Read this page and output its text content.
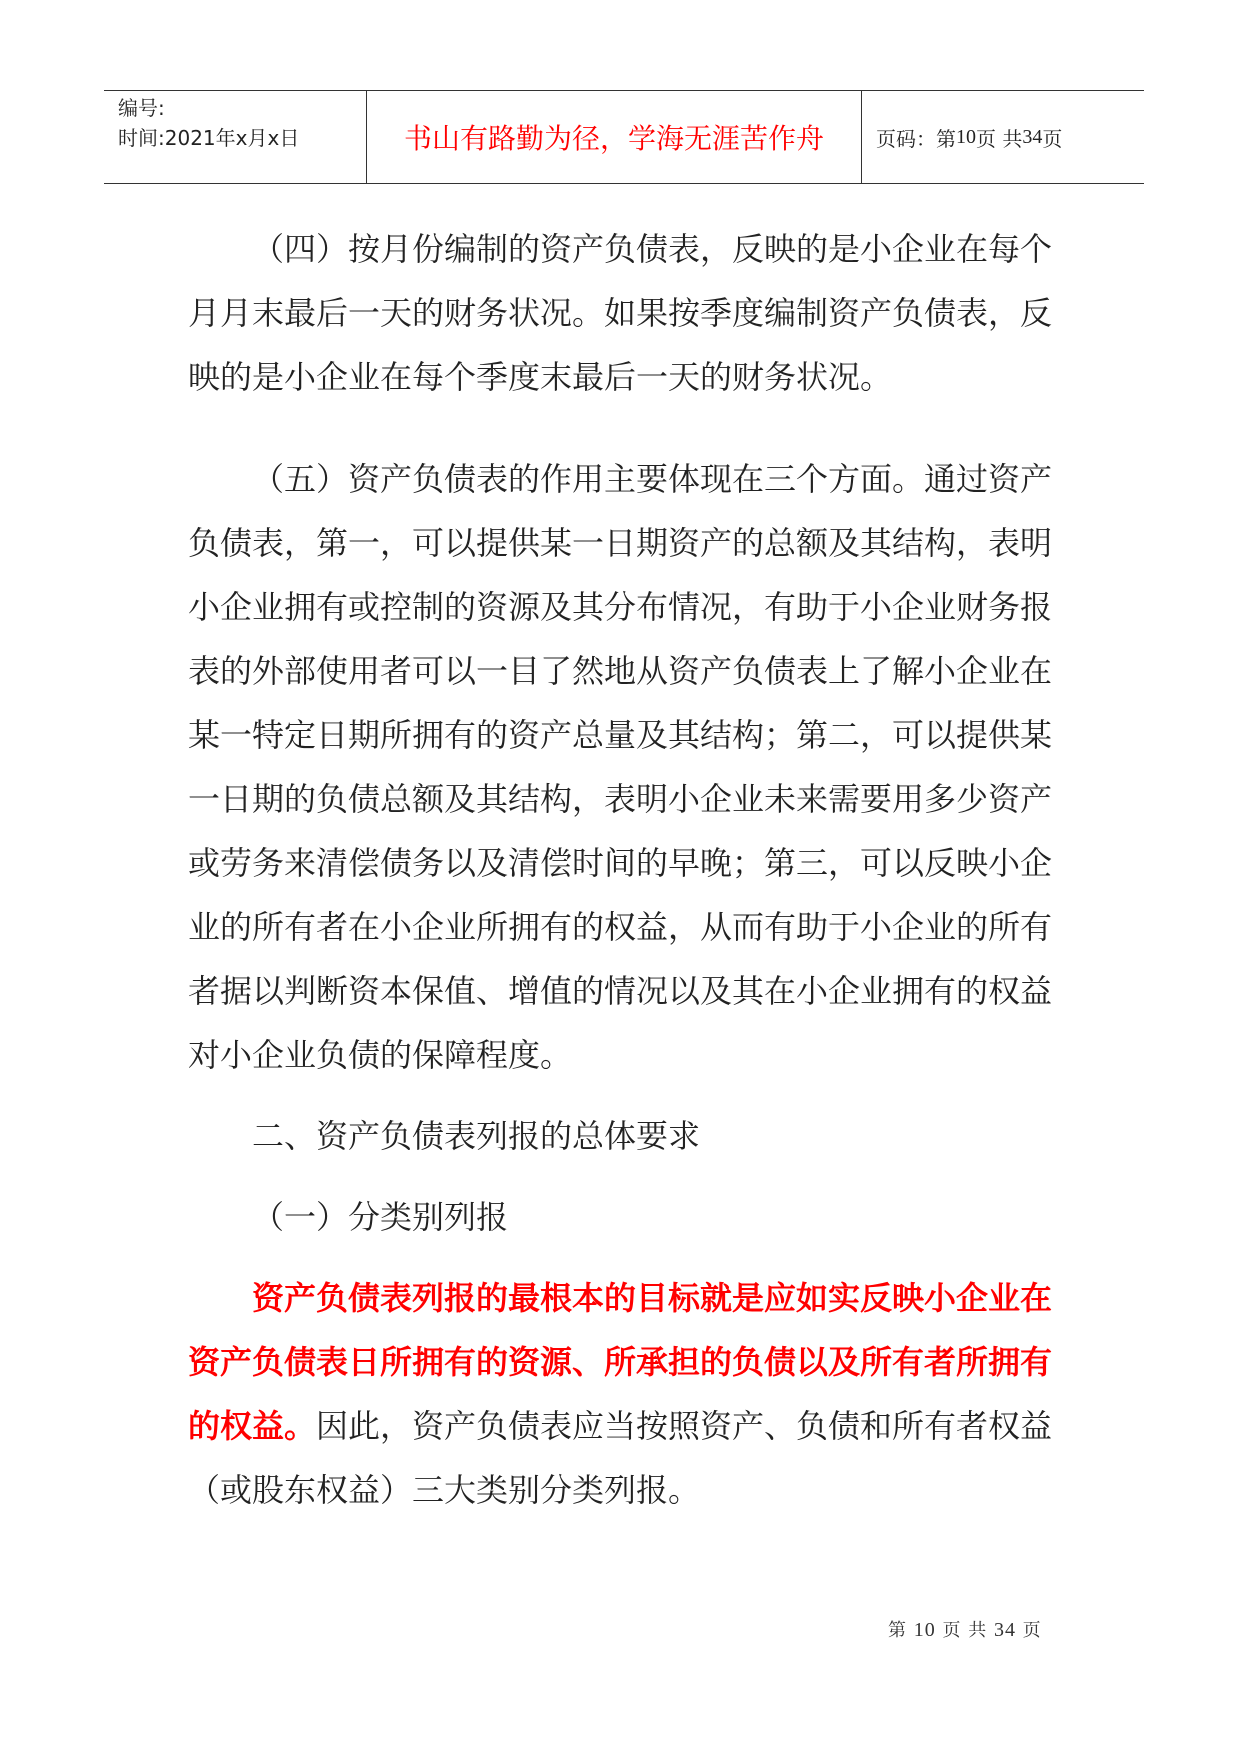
编号:
时间:2021年x月x日	书山有路勤为径，学海无涯苦作舟	页码：第 10 页 共 34 页

（四）按月份编制的资产负债表，反映的是小企业在每个月月末最后一天的财务状况。如果按季度编制资产负债表，反映的是小企业在每个季度末最后一天的财务状况。

（五）资产负债表的作用主要体现在三个方面。通过资产负债表，第一，可以提供某一日期资产的总额及其结构，表明小企业拥有或控制的资源及其分布情况，有助于小企业财务报表的外部使用者可以一目了然地从资产负债表上了解小企业在某一特定日期所拥有的资产总量及其结构；第二，可以提供某一日期的负债总额及其结构，表明小企业未来需要用多少资产或劳务来清偿债务以及清偿时间的早晚；第三，可以反映小企业的所有者在小企业所拥有的权益，从而有助于小企业的所有者据以判断资本保值、增值的情况以及其在小企业拥有的权益对小企业负债的保障程度。

二、资产负债表列报的总体要求

（一）分类别列报

资产负债表列报的最根本的目标就是应如实反映小企业在资产负债表日所拥有的资源、所承担的负债以及所有者所拥有的权益。因此，资产负债表应当按照资产、负债和所有者权益（或股东权益）三大类别分类列报。

第 10 页 共 34 页
